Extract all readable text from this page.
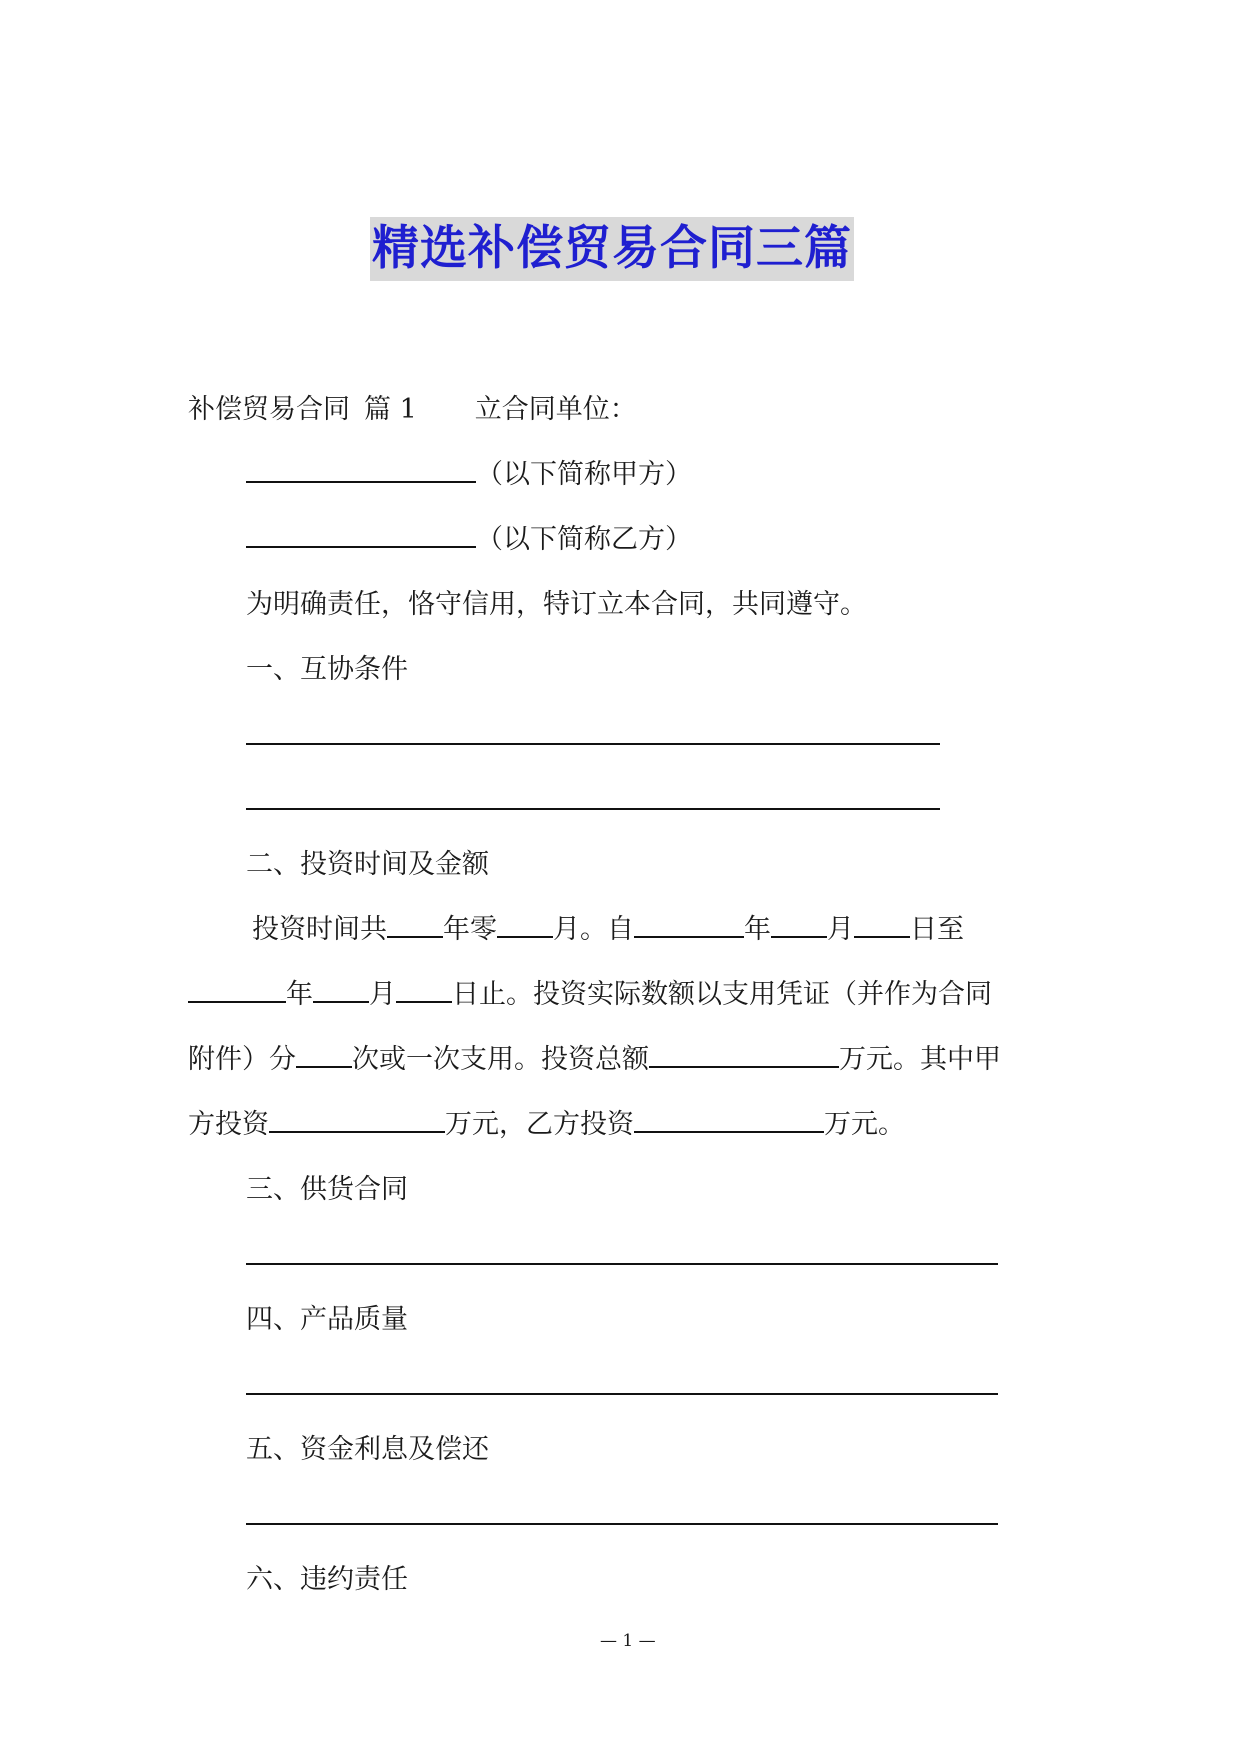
精选补偿贸易合同三篇
补偿贸易合同 篇 1 立合同单位：
（以下简称甲方）
（以下简称乙方）
为明确责任，恪守信用，特订立本合同，共同遵守。
一、互协条件
二、投资时间及金额
投资时间共 年零 月。自	年 月 日至
年 月 日止。投资实际数额以支用凭证（并作为合同
附件）分 次或一次支用。投资总额	万元。其中甲
方投资	万元，乙方投资	万元。
三、供货合同
四、产品质量
五、资金利息及偿还
六、违约责任
— 1 —
